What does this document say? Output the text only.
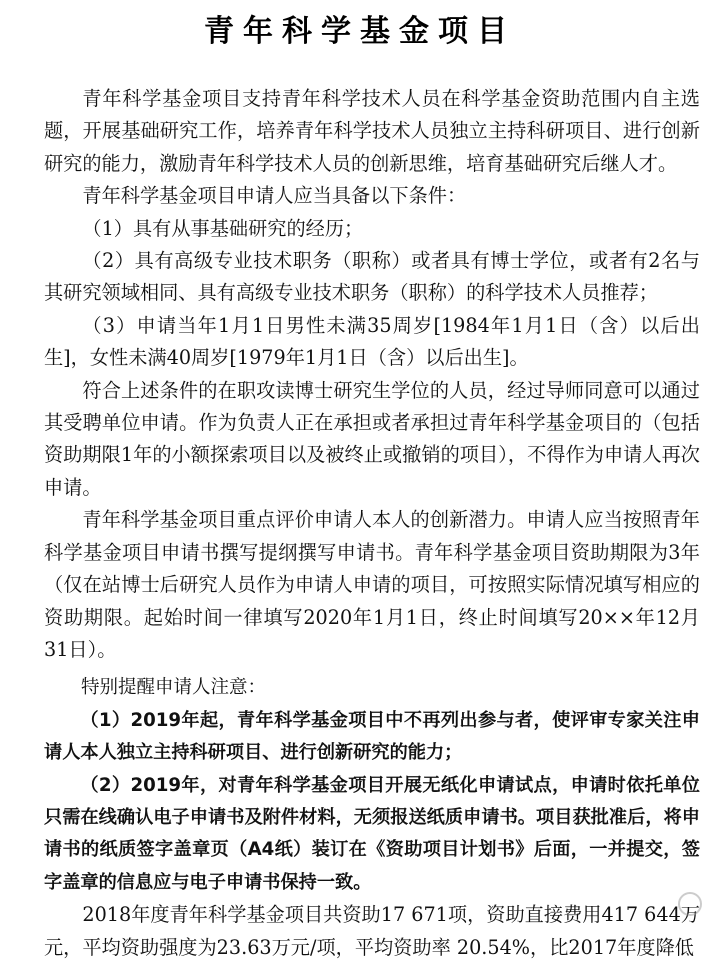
青年科学基金项目

青年科学基金项目支持青年科学技术人员在科学基金资助范围内自主选题，开展基础研究工作，培养青年科学技术人员独立主持科研项目、进行创新研究的能力，激励青年科学技术人员的创新思维，培育基础研究后继人才。

青年科学基金项目申请人应当具备以下条件：

（1）具有从事基础研究的经历；

（2）具有高级专业技术职务（职称）或者具有博士学位，或者有2名与其研究领域相同、具有高级专业技术职务（职称）的科学技术人员推荐；

（3）申请当年1月1日男性未满35周岁[1984年1月1日（含）以后出生]，女性未满40周岁[1979年1月1日（含）以后出生]。

符合上述条件的在职攻读博士研究生学位的人员，经过导师同意可以通过其受聘单位申请。作为负责人正在承担或者承担过青年科学基金项目的（包括资助期限1年的小额探索项目以及被终止或撤销的项目），不得作为申请人再次申请。

青年科学基金项目重点评价申请人本人的创新潜力。申请人应当按照青年科学基金项目申请书撰写提纲撰写申请书。青年科学基金项目资助期限为3年（仅在站博士后研究人员作为申请人申请的项目，可按照实际情况填写相应的资助期限。起始时间一律填写2020年1月1日，终止时间填写20××年12月31日）。

特别提醒申请人注意：

（1）2019年起，青年科学基金项目中不再列出参与者，使评审专家关注申请人本人独立主持科研项目、进行创新研究的能力；

（2）2019年，对青年科学基金项目开展无纸化申请试点，申请时依托单位只需在线确认电子申请书及附件材料，无须报送纸质申请书。项目获批准后，将申请书的纸质签字盖章页（A4纸）装订在《资助项目计划书》后面，一并提交，签字盖章的信息应与电子申请书保持一致。

2018年度青年科学基金项目共资助17 671项，资助直接费用417 644万元，平均资助强度为23.63万元/项，平均资助率 20.54%，比2017年度降低
